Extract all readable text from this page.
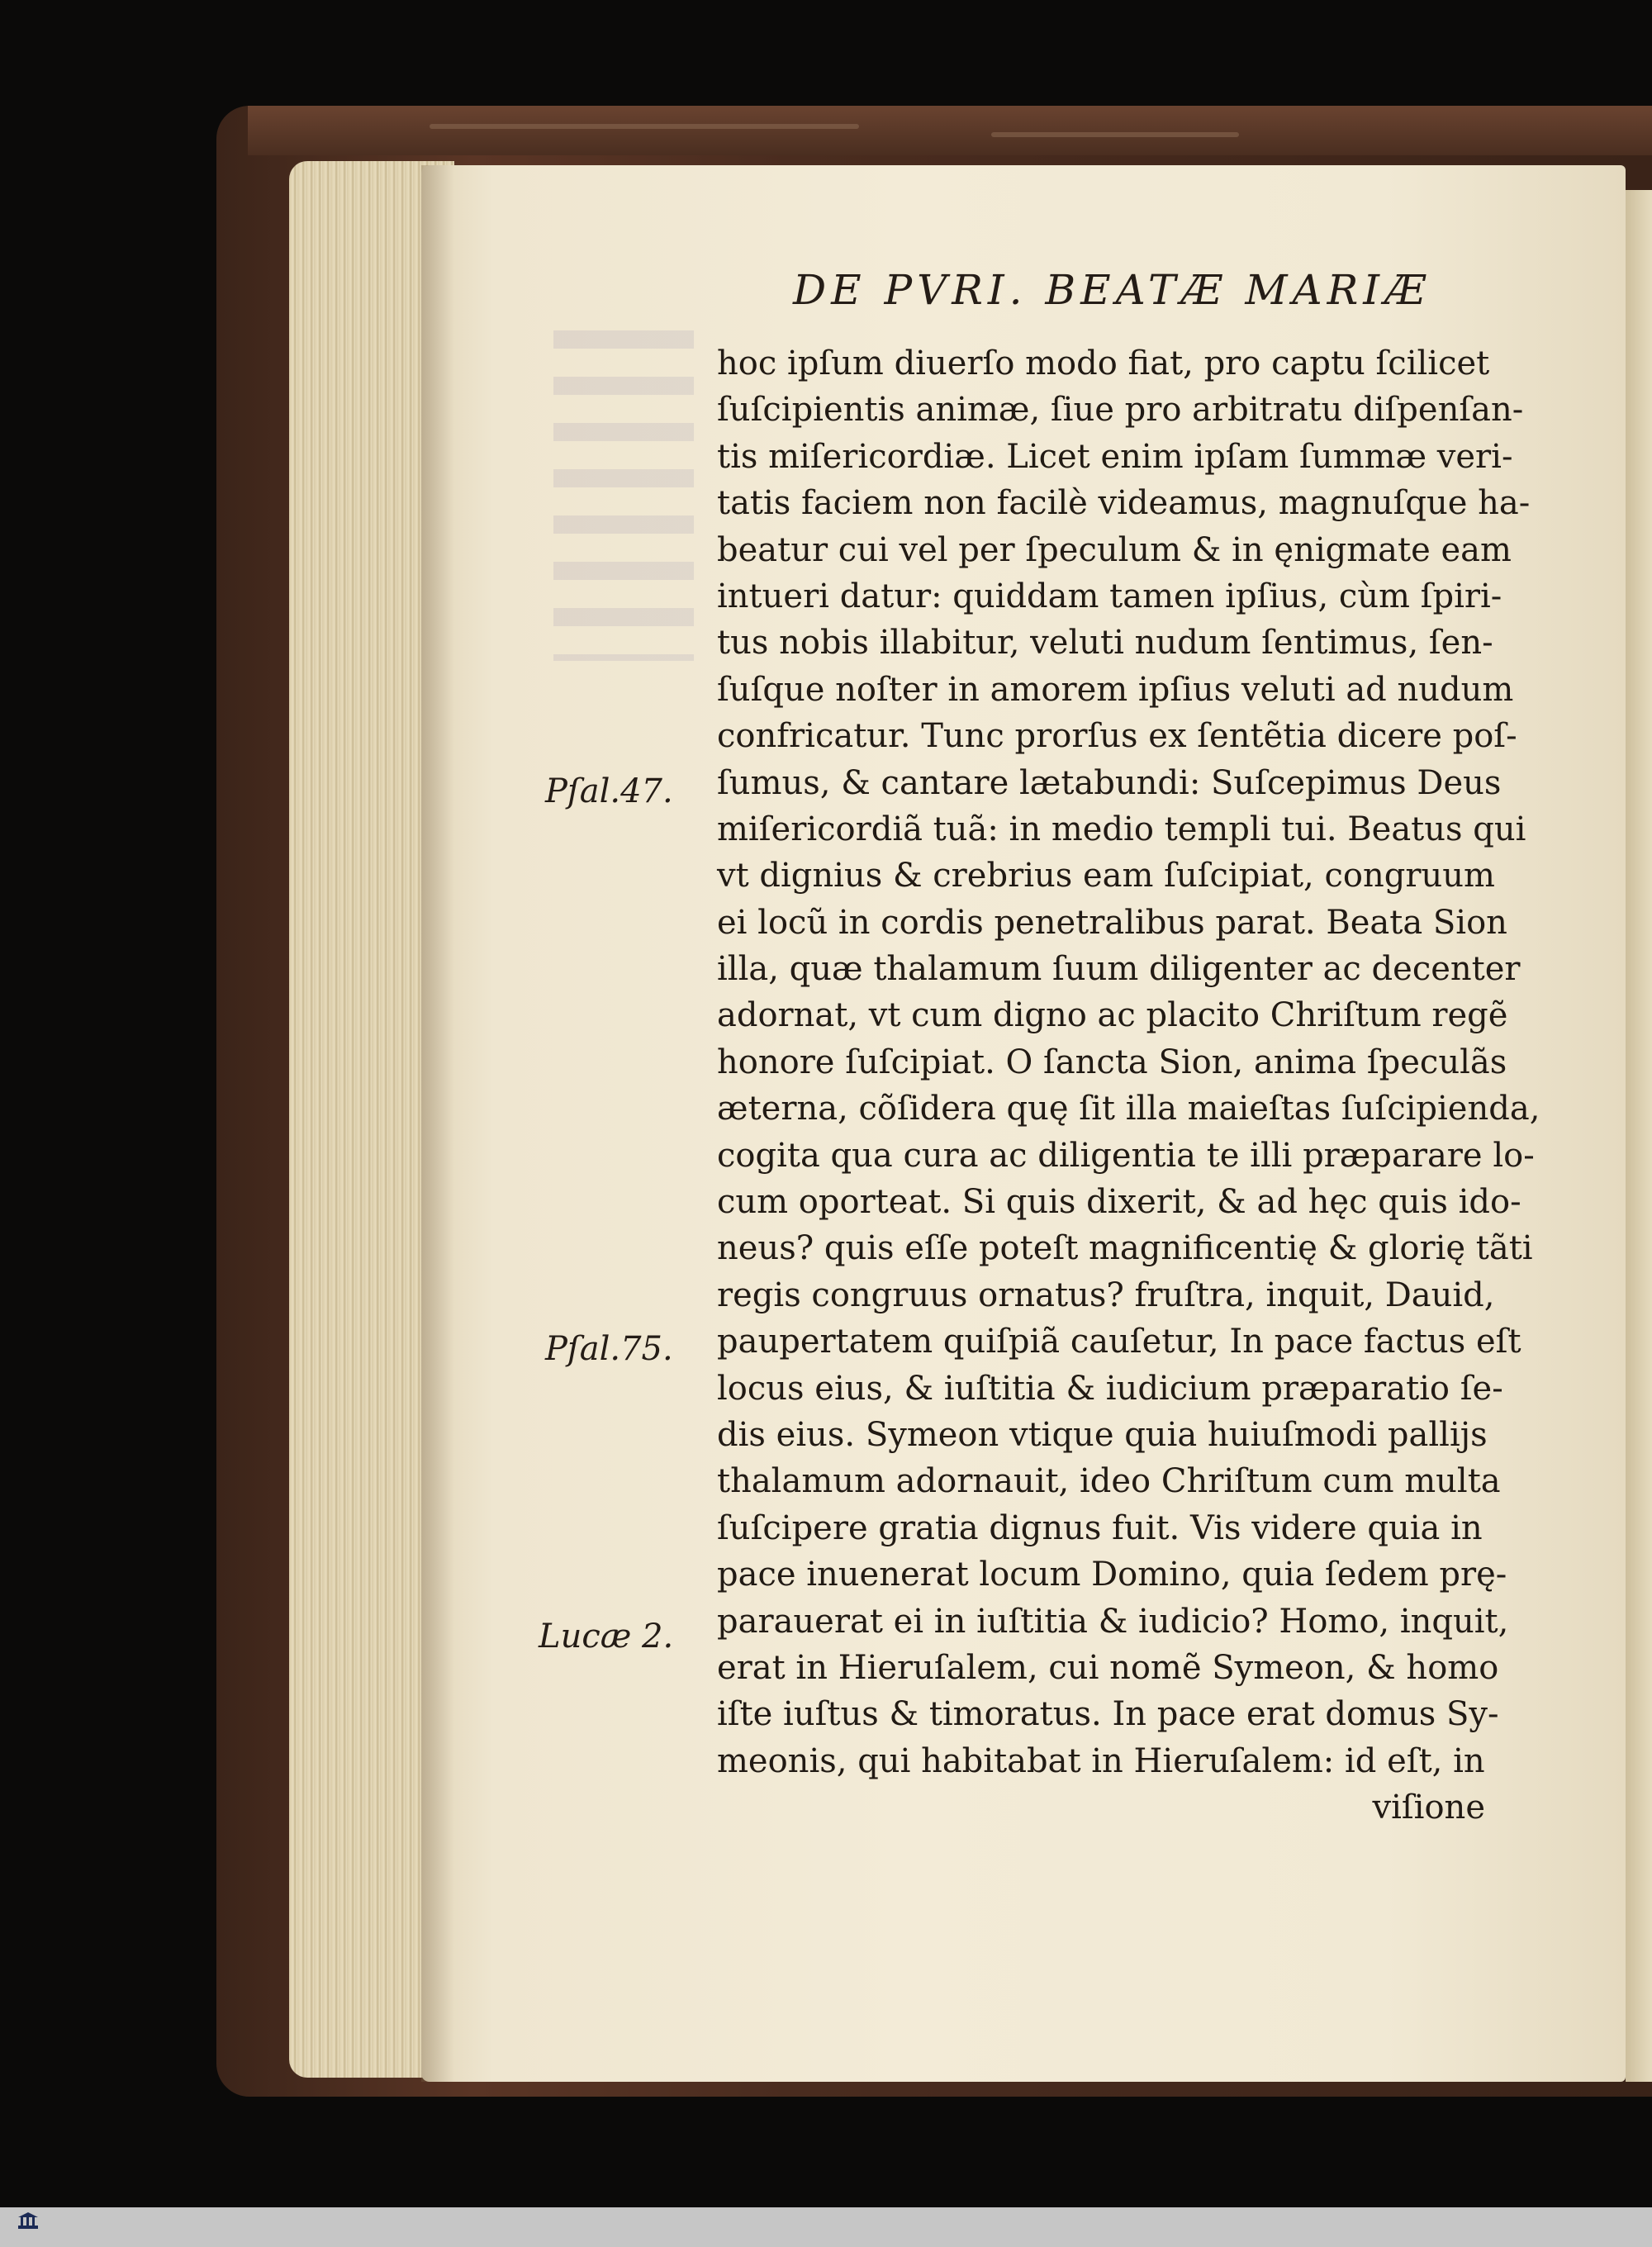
DE PVRI. BEATÆ MARIÆ
hoc ipſum diuerſo modo fiat, pro captu ſcilicet
ſuſcipientis animæ, ſiue pro arbitratu diſpenſan-
tis miſericordiæ. Licet enim ipſam ſummæ veri-
tatis faciem non facilè videamus, magnuſque ha-
beatur cui vel per ſpeculum & in ęnigmate eam
intueri datur: quiddam tamen ipſius, cùm ſpiri-
tus nobis illabitur, veluti nudum ſentimus, ſen-
ſuſque noſter in amorem ipſius veluti ad nudum
confricatur. Tunc prorſus ex ſentẽtia dicere poſ-
ſumus, & cantare lætabundi: Suſcepimus Deus
miſericordiã tuã: in medio templi tui. Beatus qui
vt dignius & crebrius eam ſuſcipiat, congruum
ei locũ in cordis penetralibus parat. Beata Sion
illa, quæ thalamum ſuum diligenter ac decenter
adornat, vt cum digno ac placito Chriſtum regẽ
honore ſuſcipiat. O ſancta Sion, anima ſpeculãs
æterna, cõſidera quę ſit illa maieſtas ſuſcipienda,
cogita qua cura ac diligentia te illi præparare lo-
cum oporteat. Si quis dixerit, & ad hęc quis ido-
neus? quis eſſe poteſt magnificentię & glorię tãti
regis congruus ornatus? fruſtra, inquit, Dauid,
paupertatem quiſpiã cauſetur, In pace factus eſt
locus eius, & iuſtitia & iudicium præparatio ſe-
dis eius. Symeon vtique quia huiuſmodi pallijs
thalamum adornauit, ideo Chriſtum cum multa
ſuſcipere gratia dignus fuit. Vis videre quia in
pace inuenerat locum Domino, quia ſedem prę-
parauerat ei in iuſtitia & iudicio? Homo, inquit,
erat in Hieruſalem, cui nomẽ Symeon, & homo
iſte iuſtus & timoratus. In pace erat domus Sy-
meonis, qui habitabat in Hieruſalem: id eſt, in
viſione

Pſal.47.

Pſal.75.

Lucæ 2.
